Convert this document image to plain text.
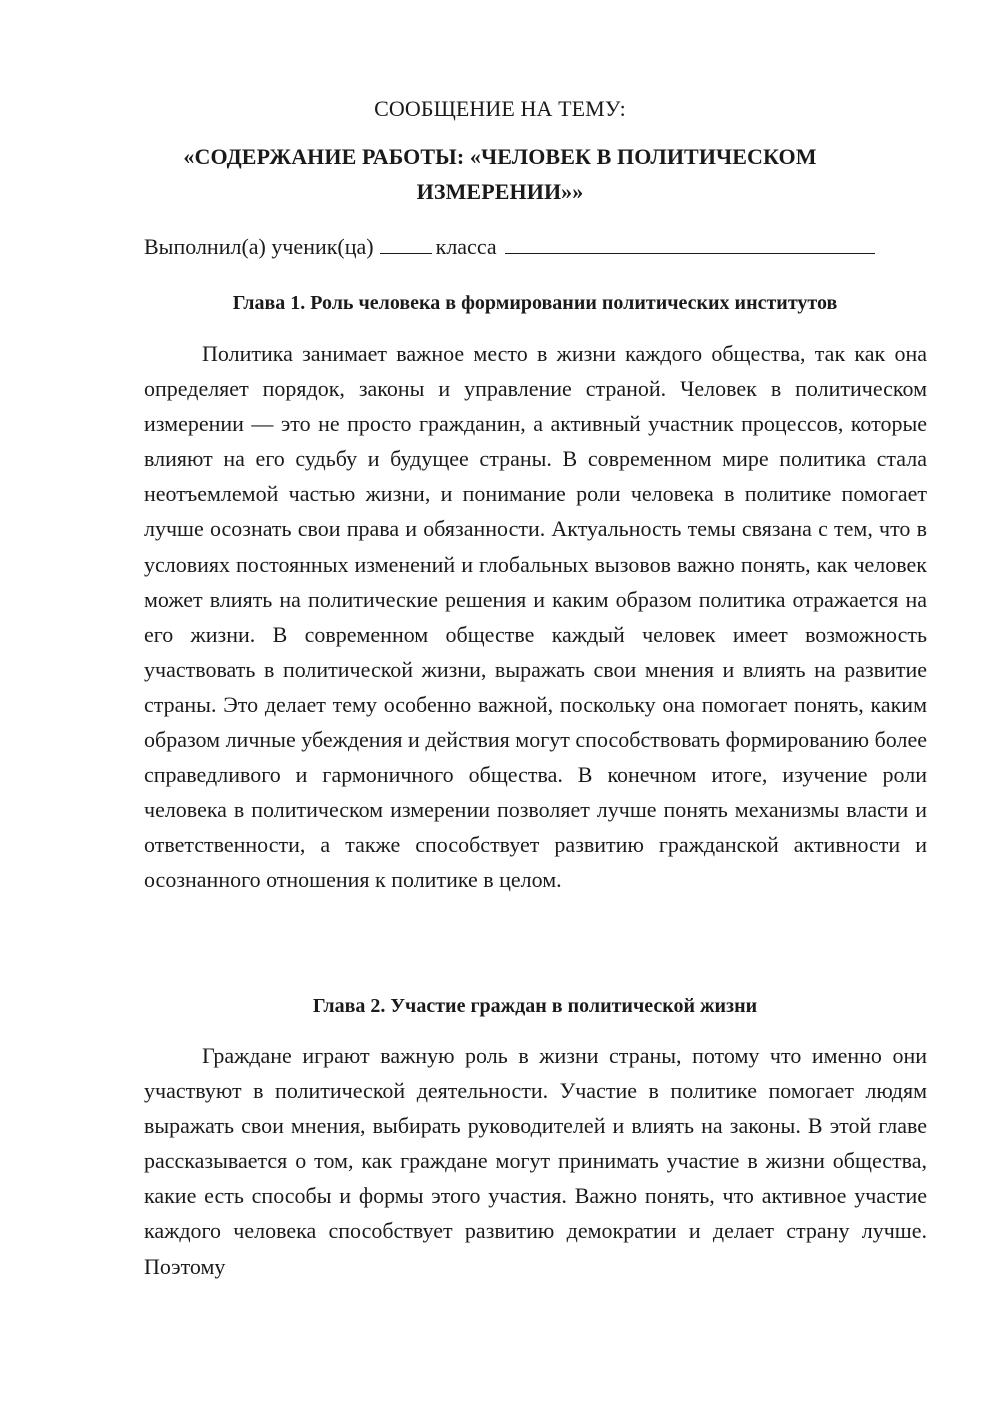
СООБЩЕНИЕ НА ТЕМУ:
«СОДЕРЖАНИЕ РАБОТЫ: «ЧЕЛОВЕК В ПОЛИТИЧЕСКОМ
ИЗМЕРЕНИИ»»
Выполнил(а) ученик(ца)	класса
Глава 1. Роль человека в формировании политических институтов

Политика занимает важное место в жизни каждого общества, так как она определяет порядок, законы и управление страной. Человек в политическом измерении — это не просто гражданин, а активный участник процессов, которые влияют на его судьбу и будущее страны. В современном мире политика стала неотъемлемой частью жизни, и понимание роли человека в политике помогает лучше осознать свои права и обязанности. Актуальность темы связана с тем, что в условиях постоянных изменений и глобальных вызовов важно понять, как человек может влиять на политические решения и каким образом политика отражается на его жизни. В современном обществе каждый человек имеет возможность участвовать в политической жизни, выражать свои мнения и влиять на развитие страны. Это делает тему особенно важной, поскольку она помогает понять, каким образом личные убеждения и действия могут способствовать формированию более справедливого и гармоничного общества. В конечном итоге, изучение роли человека в политическом измерении позволяет лучше понять механизмы власти и ответственности, а также способствует развитию гражданской активности и осознанного отношения к политике в целом.

Глава 2. Участие граждан в политической жизни

Граждане играют важную роль в жизни страны, потому что именно они участвуют в политической деятельности. Участие в политике помогает людям выражать свои мнения, выбирать руководителей и влиять на законы. В этой главе рассказывается о том, как граждане могут принимать участие в жизни общества, какие есть способы и формы этого участия. Важно понять, что активное участие каждого человека способствует развитию демократии и делает страну лучше. Поэтому
